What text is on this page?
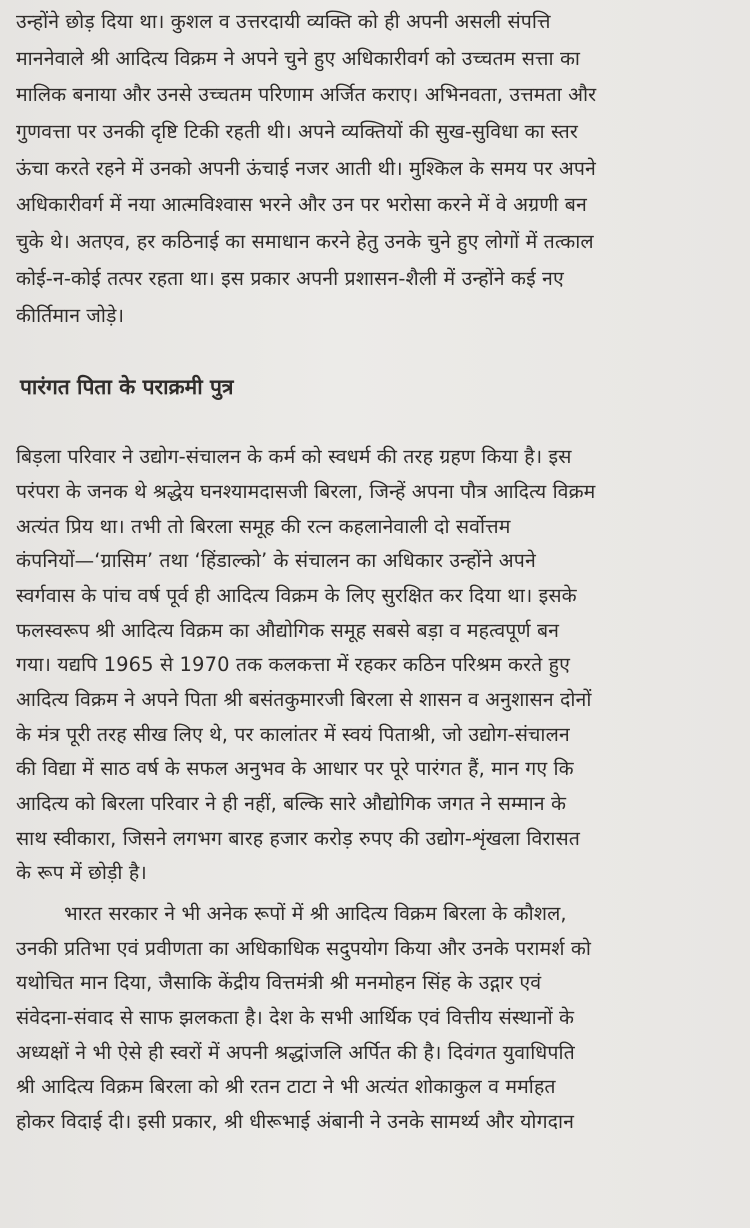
उन्होंने छोड़ दिया था। कुशल व उत्तरदायी व्यक्ति को ही अपनी असली संपत्ति
माननेवाले श्री आदित्य विक्रम ने अपने चुने हुए अधिकारीवर्ग को उच्चतम सत्ता का
मालिक बनाया और उनसे उच्चतम परिणाम अर्जित कराए। अभिनवता, उत्तमता और
गुणवत्ता पर उनकी दृष्टि टिकी रहती थी। अपने व्यक्तियों की सुख-सुविधा का स्तर
ऊंचा करते रहने में उनको अपनी ऊंचाई नजर आती थी। मुश्किल के समय पर अपने
अधिकारीवर्ग में नया आत्मविश्वास भरने और उन पर भरोसा करने में वे अग्रणी बन
चुके थे। अतएव, हर कठिनाई का समाधान करने हेतु उनके चुने हुए लोगों में तत्काल
कोई-न-कोई तत्पर रहता था। इस प्रकार अपनी प्रशासन-शैली में उन्होंने कई नए
कीर्तिमान जोड़े।
पारंगत पिता के पराक्रमी पुत्र
बिड़ला परिवार ने उद्योग-संचालन के कर्म को स्वधर्म की तरह ग्रहण किया है। इस
परंपरा के जनक थे श्रद्धेय घनश्यामदासजी बिरला, जिन्हें अपना पौत्र आदित्य विक्रम
अत्यंत प्रिय था। तभी तो बिरला समूह की रत्न कहलानेवाली दो सर्वोत्तम
कंपनियों—‘ग्रासिम’ तथा ‘हिंडाल्को’ के संचालन का अधिकार उन्होंने अपने
स्वर्गवास के पांच वर्ष पूर्व ही आदित्य विक्रम के लिए सुरक्षित कर दिया था। इसके
फलस्वरूप श्री आदित्य विक्रम का औद्योगिक समूह सबसे बड़ा व महत्वपूर्ण बन
गया। यद्यपि 1965 से 1970 तक कलकत्ता में रहकर कठिन परिश्रम करते हुए
आदित्य विक्रम ने अपने पिता श्री बसंतकुमारजी बिरला से शासन व अनुशासन दोनों
के मंत्र पूरी तरह सीख लिए थे, पर कालांतर में स्वयं पिताश्री, जो उद्योग-संचालन
की विद्या में साठ वर्ष के सफल अनुभव के आधार पर पूरे पारंगत हैं, मान गए कि
आदित्य को बिरला परिवार ने ही नहीं, बल्कि सारे औद्योगिक जगत ने सम्मान के
साथ स्वीकारा, जिसने लगभग बारह हजार करोड़ रुपए की उद्योग-शृंखला विरासत
के रूप में छोड़ी है।
भारत सरकार ने भी अनेक रूपों में श्री आदित्य विक्रम बिरला के कौशल,
उनकी प्रतिभा एवं प्रवीणता का अधिकाधिक सदुपयोग किया और उनके परामर्श को
यथोचित मान दिया, जैसाकि केंद्रीय वित्तमंत्री श्री मनमोहन सिंह के उद्गार एवं
संवेदना-संवाद से साफ झलकता है। देश के सभी आर्थिक एवं वित्तीय संस्थानों के
अध्यक्षों ने भी ऐसे ही स्वरों में अपनी श्रद्धांजलि अर्पित की है। दिवंगत युवाधिपति
श्री आदित्य विक्रम बिरला को श्री रतन टाटा ने भी अत्यंत शोकाकुल व मर्माहत
होकर विदाई दी। इसी प्रकार, श्री धीरूभाई अंबानी ने उनके सामर्थ्य और योगदान
